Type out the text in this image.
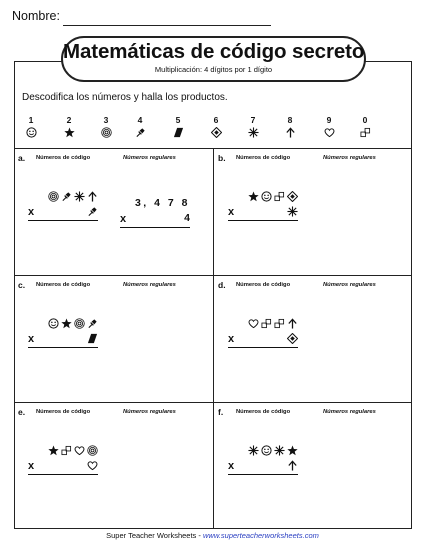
Nombre:
Descodifica los números y halla los productos.
1	2	3	4	5	6	7	8	9	0
Matemáticas de código secreto
Multiplicación: 4 dígitos por 1 dígito
a. Números de código	Números regulares
x
3, 4 7 8
x	4
b. Números de código	Números regulares
x
c. Números de código	Números regulares
x
d. Números de código	Números regulares
x
e. Números de código	Números regulares
x
f. Números de código	Números regulares
x
Super Teacher Worksheets - www.superteacherworksheets.com
